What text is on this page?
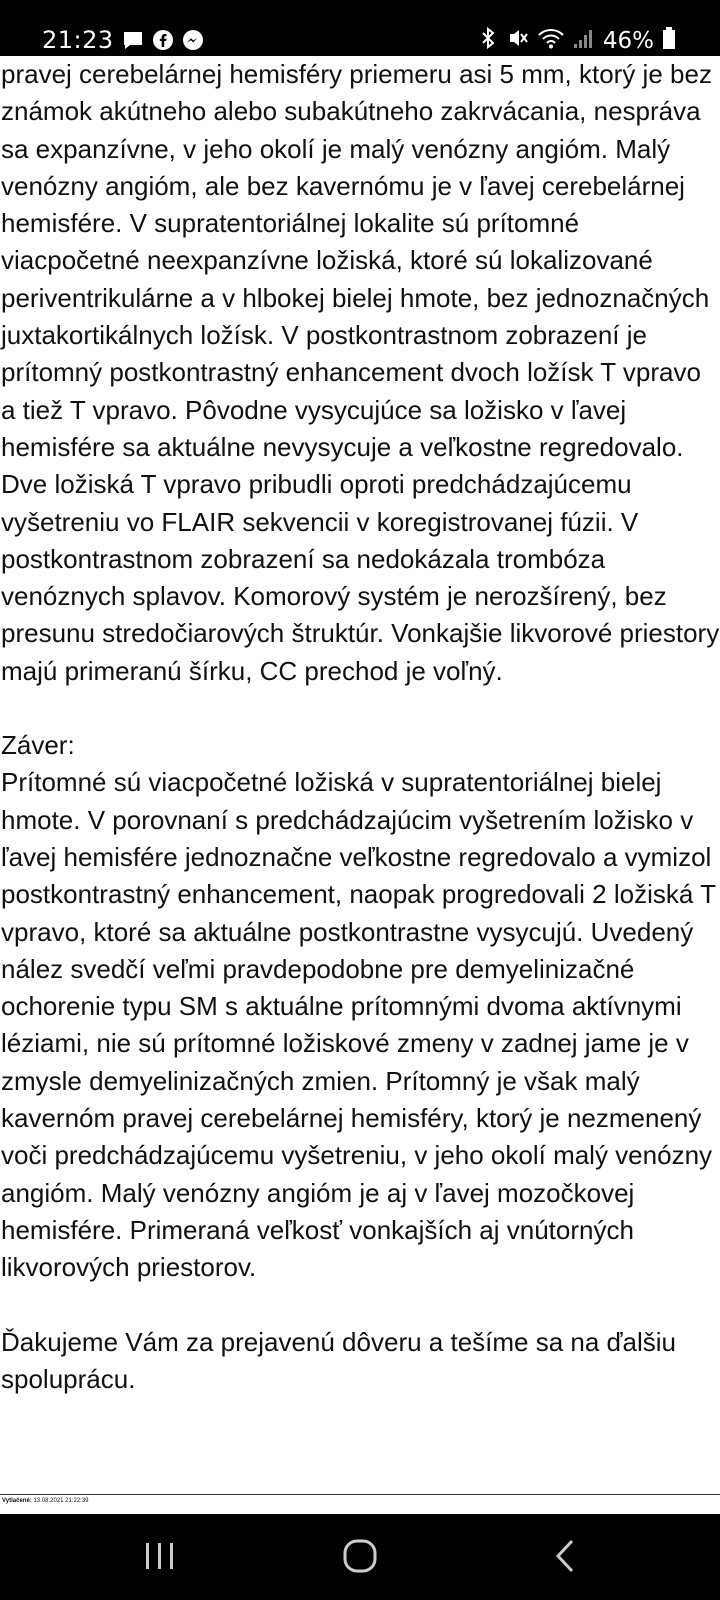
21:23	46%

pravej cerebelárnej hemisféry priemeru asi 5 mm, ktorý je bez známok akútneho alebo subakútneho zakrvácania, nespráva sa expanzívne, v jeho okolí je malý venózny angióm. Malý venózny angióm, ale bez kavernómu je v ľavej cerebelárnej hemisfére. V supratentoriálnej lokalite sú prítomné viacpočetné neexpanzívne ložiská, ktoré sú lokalizované periventrikulárne a v hlbokej bielej hmote, bez jednoznačných juxtakortikálnych ložísk. V postkontrastnom zobrazení je prítomný postkontrastný enhancement dvoch ložísk T vpravo a tiež T vpravo. Pôvodne vysycujúce sa ložisko v ľavej hemisfére sa aktuálne nevysycuje a veľkostne regredovalo. Dve ložiská T vpravo pribudli oproti predchádzajúcemu vyšetreniu vo FLAIR sekvencii v koregistrovanej fúzii. V postkontrastnom zobrazení sa nedokázala trombóza venóznych splavov. Komorový systém je nerozšírený, bez presunu stredočiarových štruktúr. Vonkajšie likvorové priestory majú primeranú šírku, CC prechod je voľný.

Záver:

Prítomné sú viacpočetné ložiská v supratentoriálnej bielej hmote. V porovnaní s predchádzajúcim vyšetrením ložisko v ľavej hemisfére jednoznačne veľkostne regredovalo a vymizol postkontrastný enhancement, naopak progredovali 2 ložiská T vpravo, ktoré sa aktuálne postkontrastne vysycujú. Uvedený nález svedčí veľmi pravdepodobne pre demyelinizačné ochorenie typu SM s aktuálne prítomnými dvoma aktívnymi léziami, nie sú prítomné ložiskové zmeny v zadnej jame je v zmysle demyelinizačných zmien. Prítomný je však malý kavernóm pravej cerebelárnej hemisféry, ktorý je nezmenený voči predchádzajúcemu vyšetreniu, v jeho okolí malý venózny angióm. Malý venózny angióm je aj v ľavej mozočkovej hemisfére. Primeraná veľkosť vonkajších aj vnútorných likvorových priestorov.

Ďakujeme Vám za prejavenú dôveru a tešíme sa na ďalšiu spoluprácu.

Vytlačené: 13.08.2021 21:22:39
